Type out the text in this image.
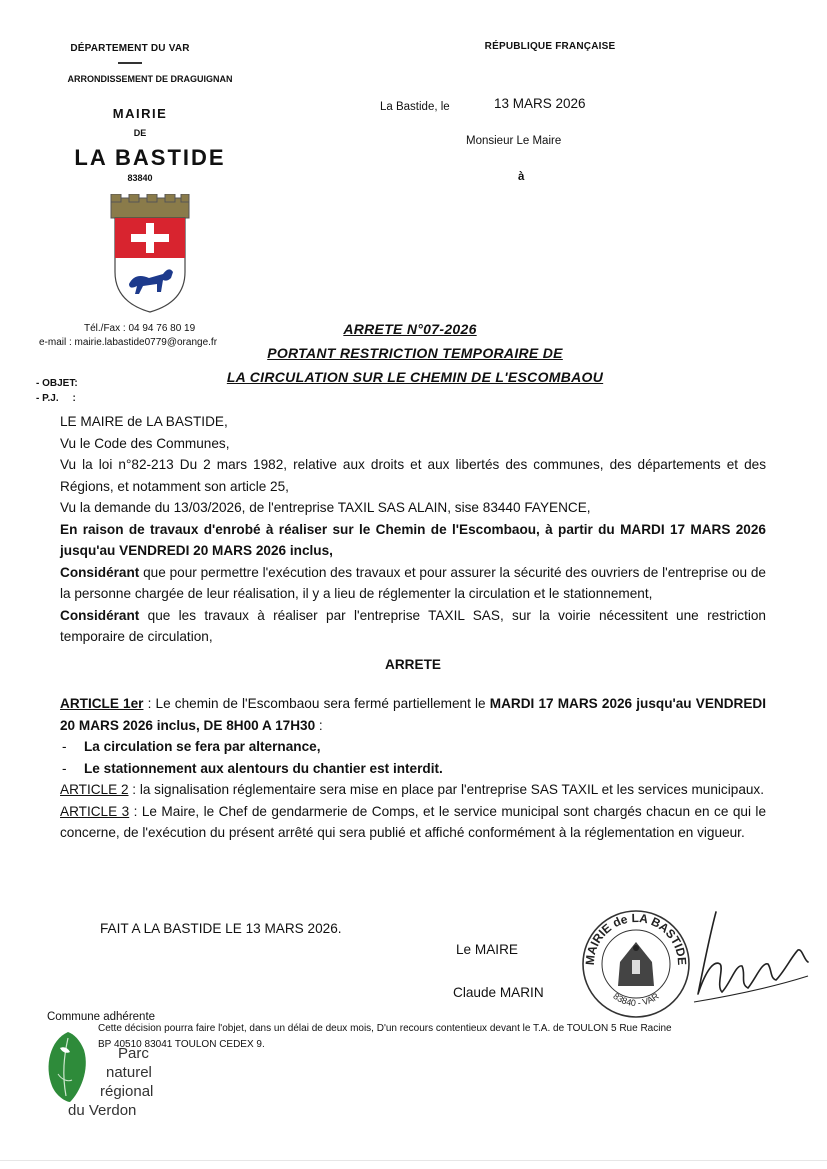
DÉPARTEMENT DU VAR
ARRONDISSEMENT DE DRAGUIGNAN
MAIRIE
DE
LA BASTIDE
83840
Tél./Fax : 04 94 76 80 19
e-mail : mairie.labastide0779@orange.fr
- OBJET:
- P.J.     :
RÉPUBLIQUE FRANÇAISE
La Bastide, le	13 MARS 2026
Monsieur Le Maire
à
ARRETE N°07-2026
PORTANT RESTRICTION TEMPORAIRE DE
LA CIRCULATION SUR LE CHEMIN DE L'ESCOMBAOU

LE MAIRE de LA BASTIDE,

Vu le Code des Communes,

Vu la loi n°82-213 Du 2 mars 1982, relative aux droits et aux libertés des communes, des départements et des Régions, et notamment son article 25,

Vu la demande du 13/03/2026, de l'entreprise TAXIL SAS ALAIN, sise 83440 FAYENCE,

En raison de travaux d'enrobé à réaliser sur le Chemin de l'Escombaou, à partir du MARDI 17 MARS 2026 jusqu'au VENDREDI 20 MARS 2026 inclus,

Considérant que pour permettre l'exécution des travaux et pour assurer la sécurité des ouvriers de l'entreprise ou de la personne chargée de leur réalisation, il y a lieu de réglementer la circulation et le stationnement,

Considérant que les travaux à réaliser par l'entreprise TAXIL SAS, sur la voirie nécessitent une restriction temporaire de circulation,

ARRETE

ARTICLE 1er : Le chemin de l'Escombaou sera fermé partiellement le MARDI 17 MARS 2026 jusqu'au VENDREDI 20 MARS 2026 inclus, DE 8H00 A 17H30 :

- La circulation se fera par alternance,
- Le stationnement aux alentours du chantier est interdit.

ARTICLE 2 : la signalisation réglementaire sera mise en place par l'entreprise SAS TAXIL et les services municipaux.

ARTICLE 3 : Le Maire, le Chef de gendarmerie de Comps, et le service municipal sont chargés chacun en ce qui le concerne, de l'exécution du présent arrêté qui sera publié et affiché conformément à la réglementation en vigueur.

FAIT A LA BASTIDE LE 13 MARS 2026.
Le MAIRE
Claude MARIN
MAIRIE de LA BASTIDE
83840 - VAR
Commune adhérente
Cette décision pourra faire l'objet, dans un délai de deux mois, D'un recours contentieux devant le T.A. de TOULON 5 Rue Racine
BP 40510 83041 TOULON CEDEX 9.
Parc
naturel
régional
du Verdon
